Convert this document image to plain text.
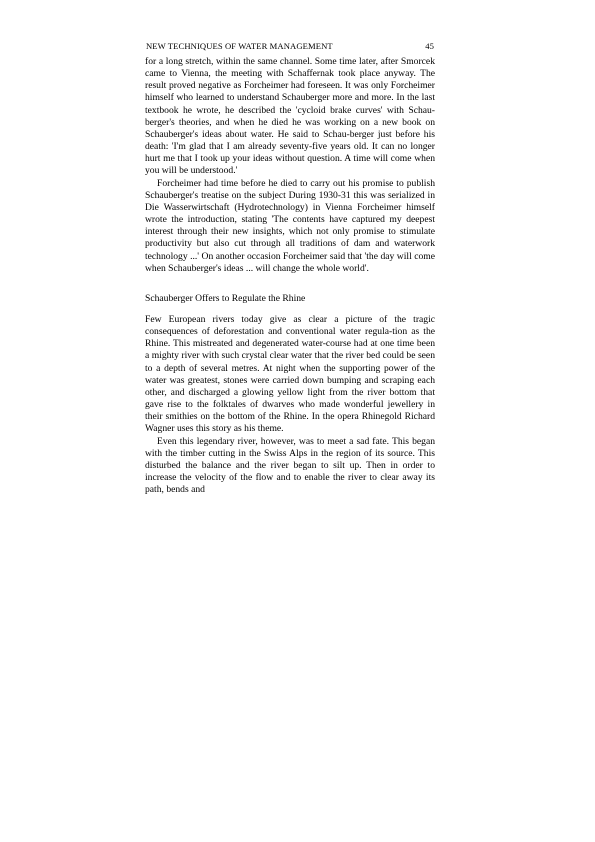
NEW TECHNIQUES OF WATER MANAGEMENT	45

for a long stretch, within the same channel. Some time later, after Smorcek came to Vienna, the meeting with Schaffernak took place anyway. The result proved negative as Forcheimer had foreseen. It was only Forcheimer himself who learned to understand Schauberger more and more. In the last textbook he wrote, he described the 'cycloid brake curves' with Schau-berger's theories, and when he died he was working on a new book on Schauberger's ideas about water. He said to Schau-berger just before his death: 'I'm glad that I am already seventy-five years old. It can no longer hurt me that I took up your ideas without question. A time will come when you will be understood.'

Forcheimer had time before he died to carry out his promise to publish Schauberger's treatise on the subject During 1930-31 this was serialized in Die Wasserwirtschaft (Hydrotechnology) in Vienna Forcheimer himself wrote the introduction, stating 'The contents have captured my deepest interest through their new insights, which not only promise to stimulate productivity but also cut through all traditions of dam and waterwork technology ...' On another occasion Forcheimer said that 'the day will come when Schauberger's ideas ... will change the whole world'.

Schauberger Offers to Regulate the Rhine

Few European rivers today give as clear a picture of the tragic consequences of deforestation and conventional water regula-tion as the Rhine. This mistreated and degenerated water-course had at one time been a mighty river with such crystal clear water that the river bed could be seen to a depth of several metres. At night when the supporting power of the water was greatest, stones were carried down bumping and scraping each other, and discharged a glowing yellow light from the river bottom that gave rise to the folktales of dwarves who made wonderful jewellery in their smithies on the bottom of the Rhine. In the opera Rhinegold Richard Wagner uses this story as his theme.

Even this legendary river, however, was to meet a sad fate. This began with the timber cutting in the Swiss Alps in the region of its source. This disturbed the balance and the river began to silt up. Then in order to increase the velocity of the flow and to enable the river to clear away its path, bends and
